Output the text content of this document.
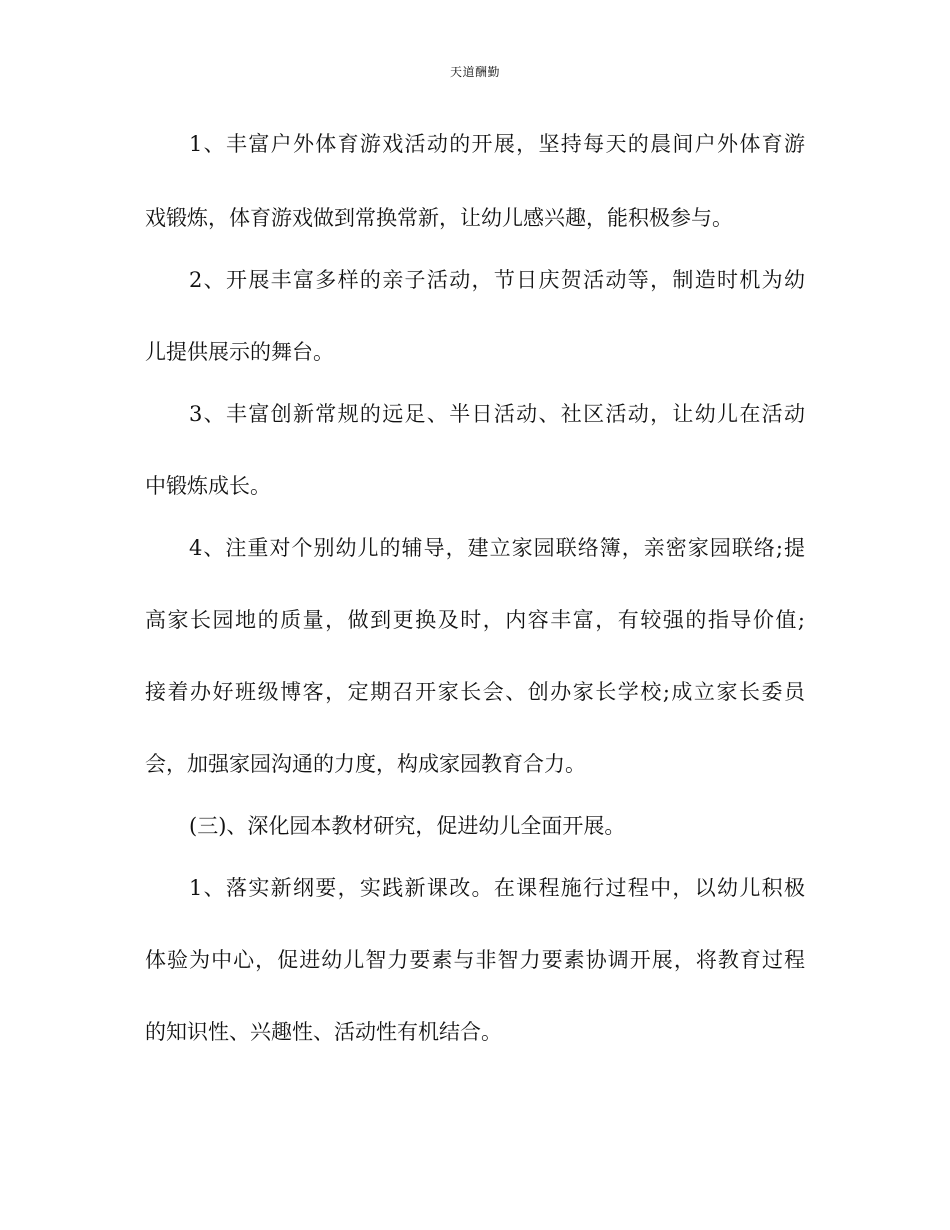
天道酬勤
1、丰富户外体育游戏活动的开展，坚持每天的晨间户外体育游
戏锻炼，体育游戏做到常换常新，让幼儿感兴趣，能积极参与。
2、开展丰富多样的亲子活动，节日庆贺活动等，制造时机为幼
儿提供展示的舞台。
3、丰富创新常规的远足、半日活动、社区活动，让幼儿在活动
中锻炼成长。
4、注重对个别幼儿的辅导，建立家园联络簿，亲密家园联络;提
高家长园地的质量，做到更换及时，内容丰富，有较强的指导价值;
接着办好班级博客，定期召开家长会、创办家长学校;成立家长委员
会，加强家园沟通的力度，构成家园教育合力。
(三)、深化园本教材研究，促进幼儿全面开展。
1、落实新纲要，实践新课改。在课程施行过程中，以幼儿积极
体验为中心，促进幼儿智力要素与非智力要素协调开展，将教育过程
的知识性、兴趣性、活动性有机结合。
